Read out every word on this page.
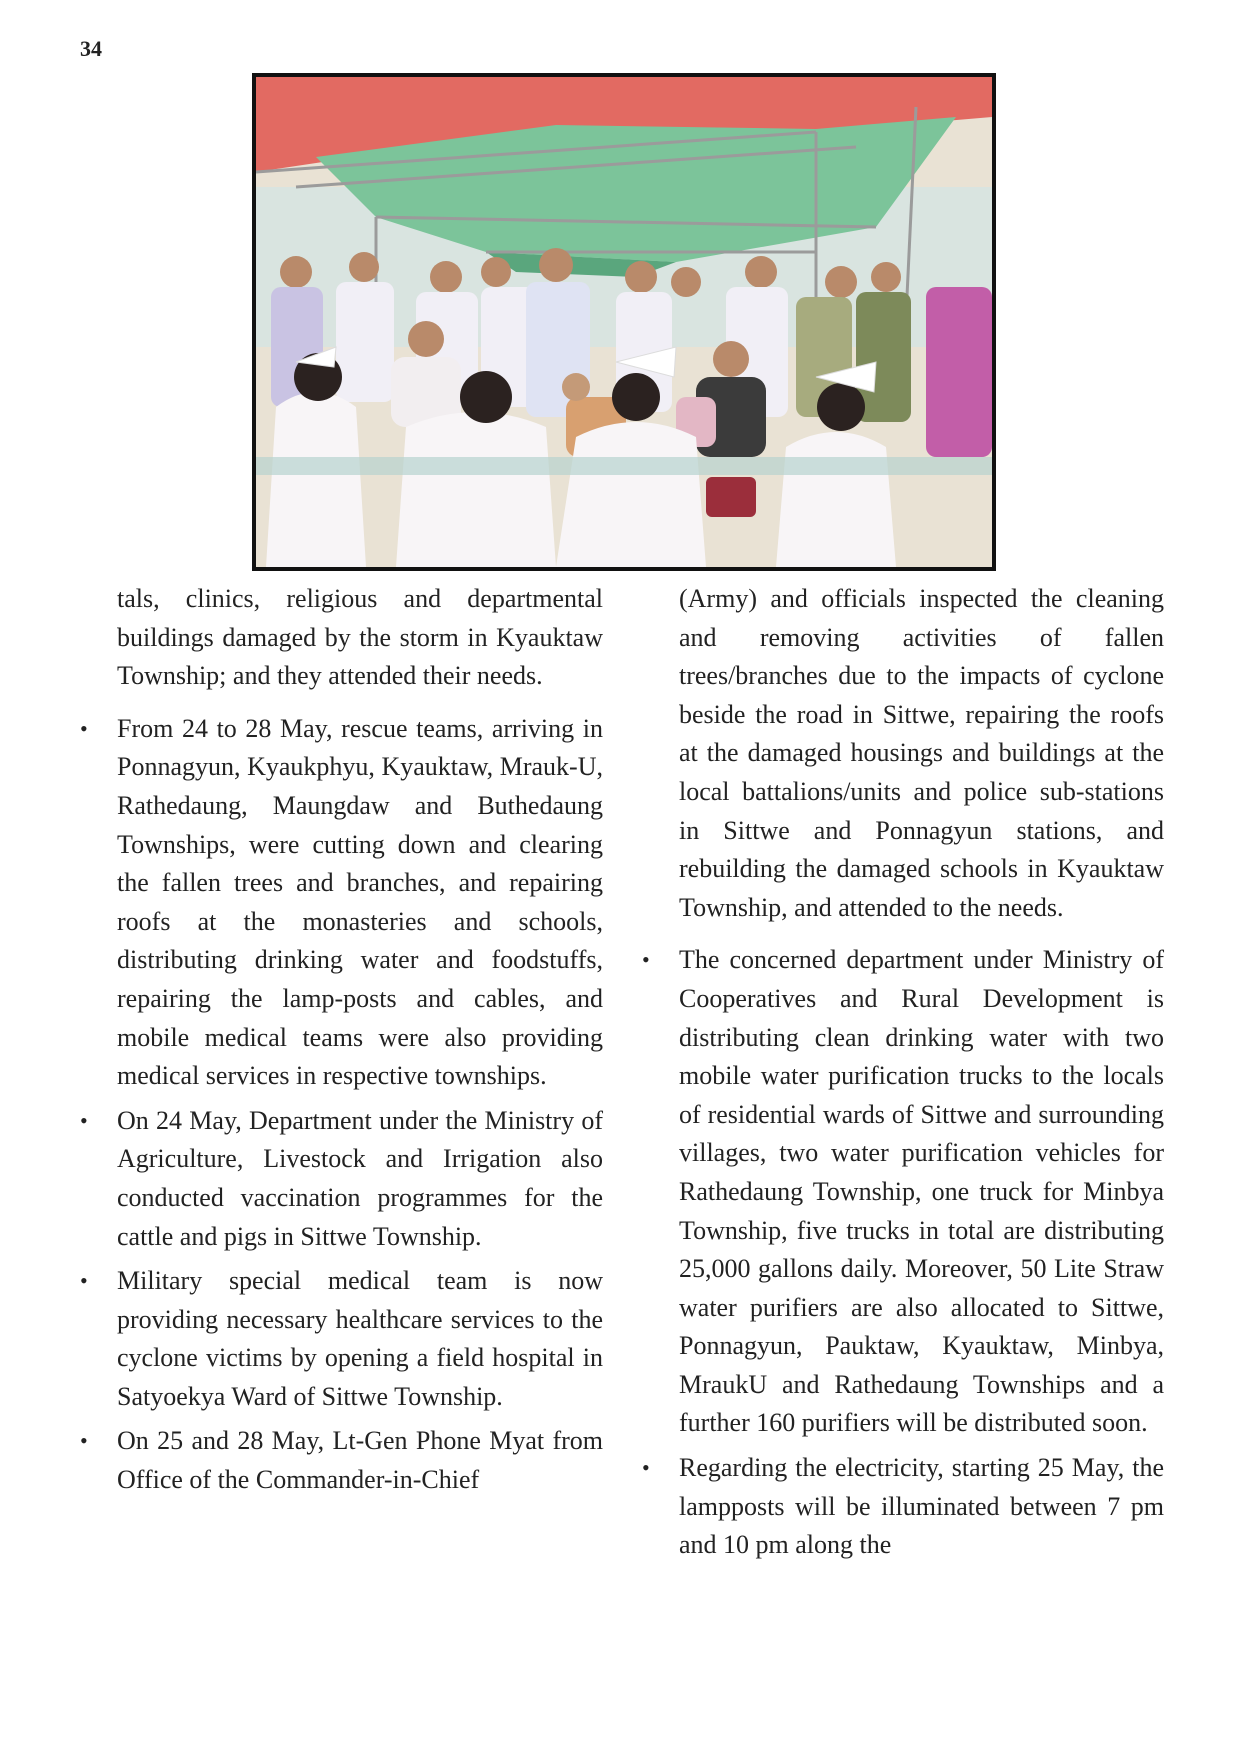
34

tals, clinics, religious and departmental buildings damaged by the storm in Kyauktaw Township; and they attended their needs.

•	From 24 to 28 May, rescue teams, arriving in Ponnagyun, Kyaukphyu, Kyauktaw, Mrauk-U, Rathedaung, Maungdaw and Buthedaung Townships, were cutting down and clearing the fallen trees and branches, and repairing roofs at the monasteries and schools, distributing drinking water and foodstuffs, repairing the lamp-posts and cables, and mobile medical teams were also providing medical services in respective townships.
•	On 24 May, Department under the Ministry of Agriculture, Livestock and Irrigation also conducted vaccination programmes for the cattle and pigs in Sittwe Township.
•	Military special medical team is now providing necessary healthcare services to the cyclone victims by opening a field hospital in Satyoekya Ward of Sittwe Township.
•	On 25 and 28 May, Lt-Gen Phone Myat from Office of the Commander-in-Chief

(Army) and officials inspected the cleaning and removing activities of fallen trees/branches due to the impacts of cyclone beside the road in Sittwe, repairing the roofs at the damaged housings and buildings at the local battalions/units and police sub-stations in Sittwe and Ponnagyun stations, and rebuilding the damaged schools in Kyauktaw Township, and attended to the needs.

•	The concerned department under Ministry of Cooperatives and Rural Development is distributing clean drinking water with two mobile water purification trucks to the locals of residential wards of Sittwe and surrounding villages, two water purification vehicles for Rathedaung Township, one truck for Minbya Township, five trucks in total are distributing 25,000 gallons daily. Moreover, 50 Lite Straw water purifiers are also allocated to Sittwe, Ponnagyun, Pauktaw, Kyauktaw, Minbya, MraukU and Rathedaung Townships and a further 160 purifiers will be distributed soon.
•	Regarding the electricity, starting 25 May, the lampposts will be illuminated between 7 pm and 10 pm along the
